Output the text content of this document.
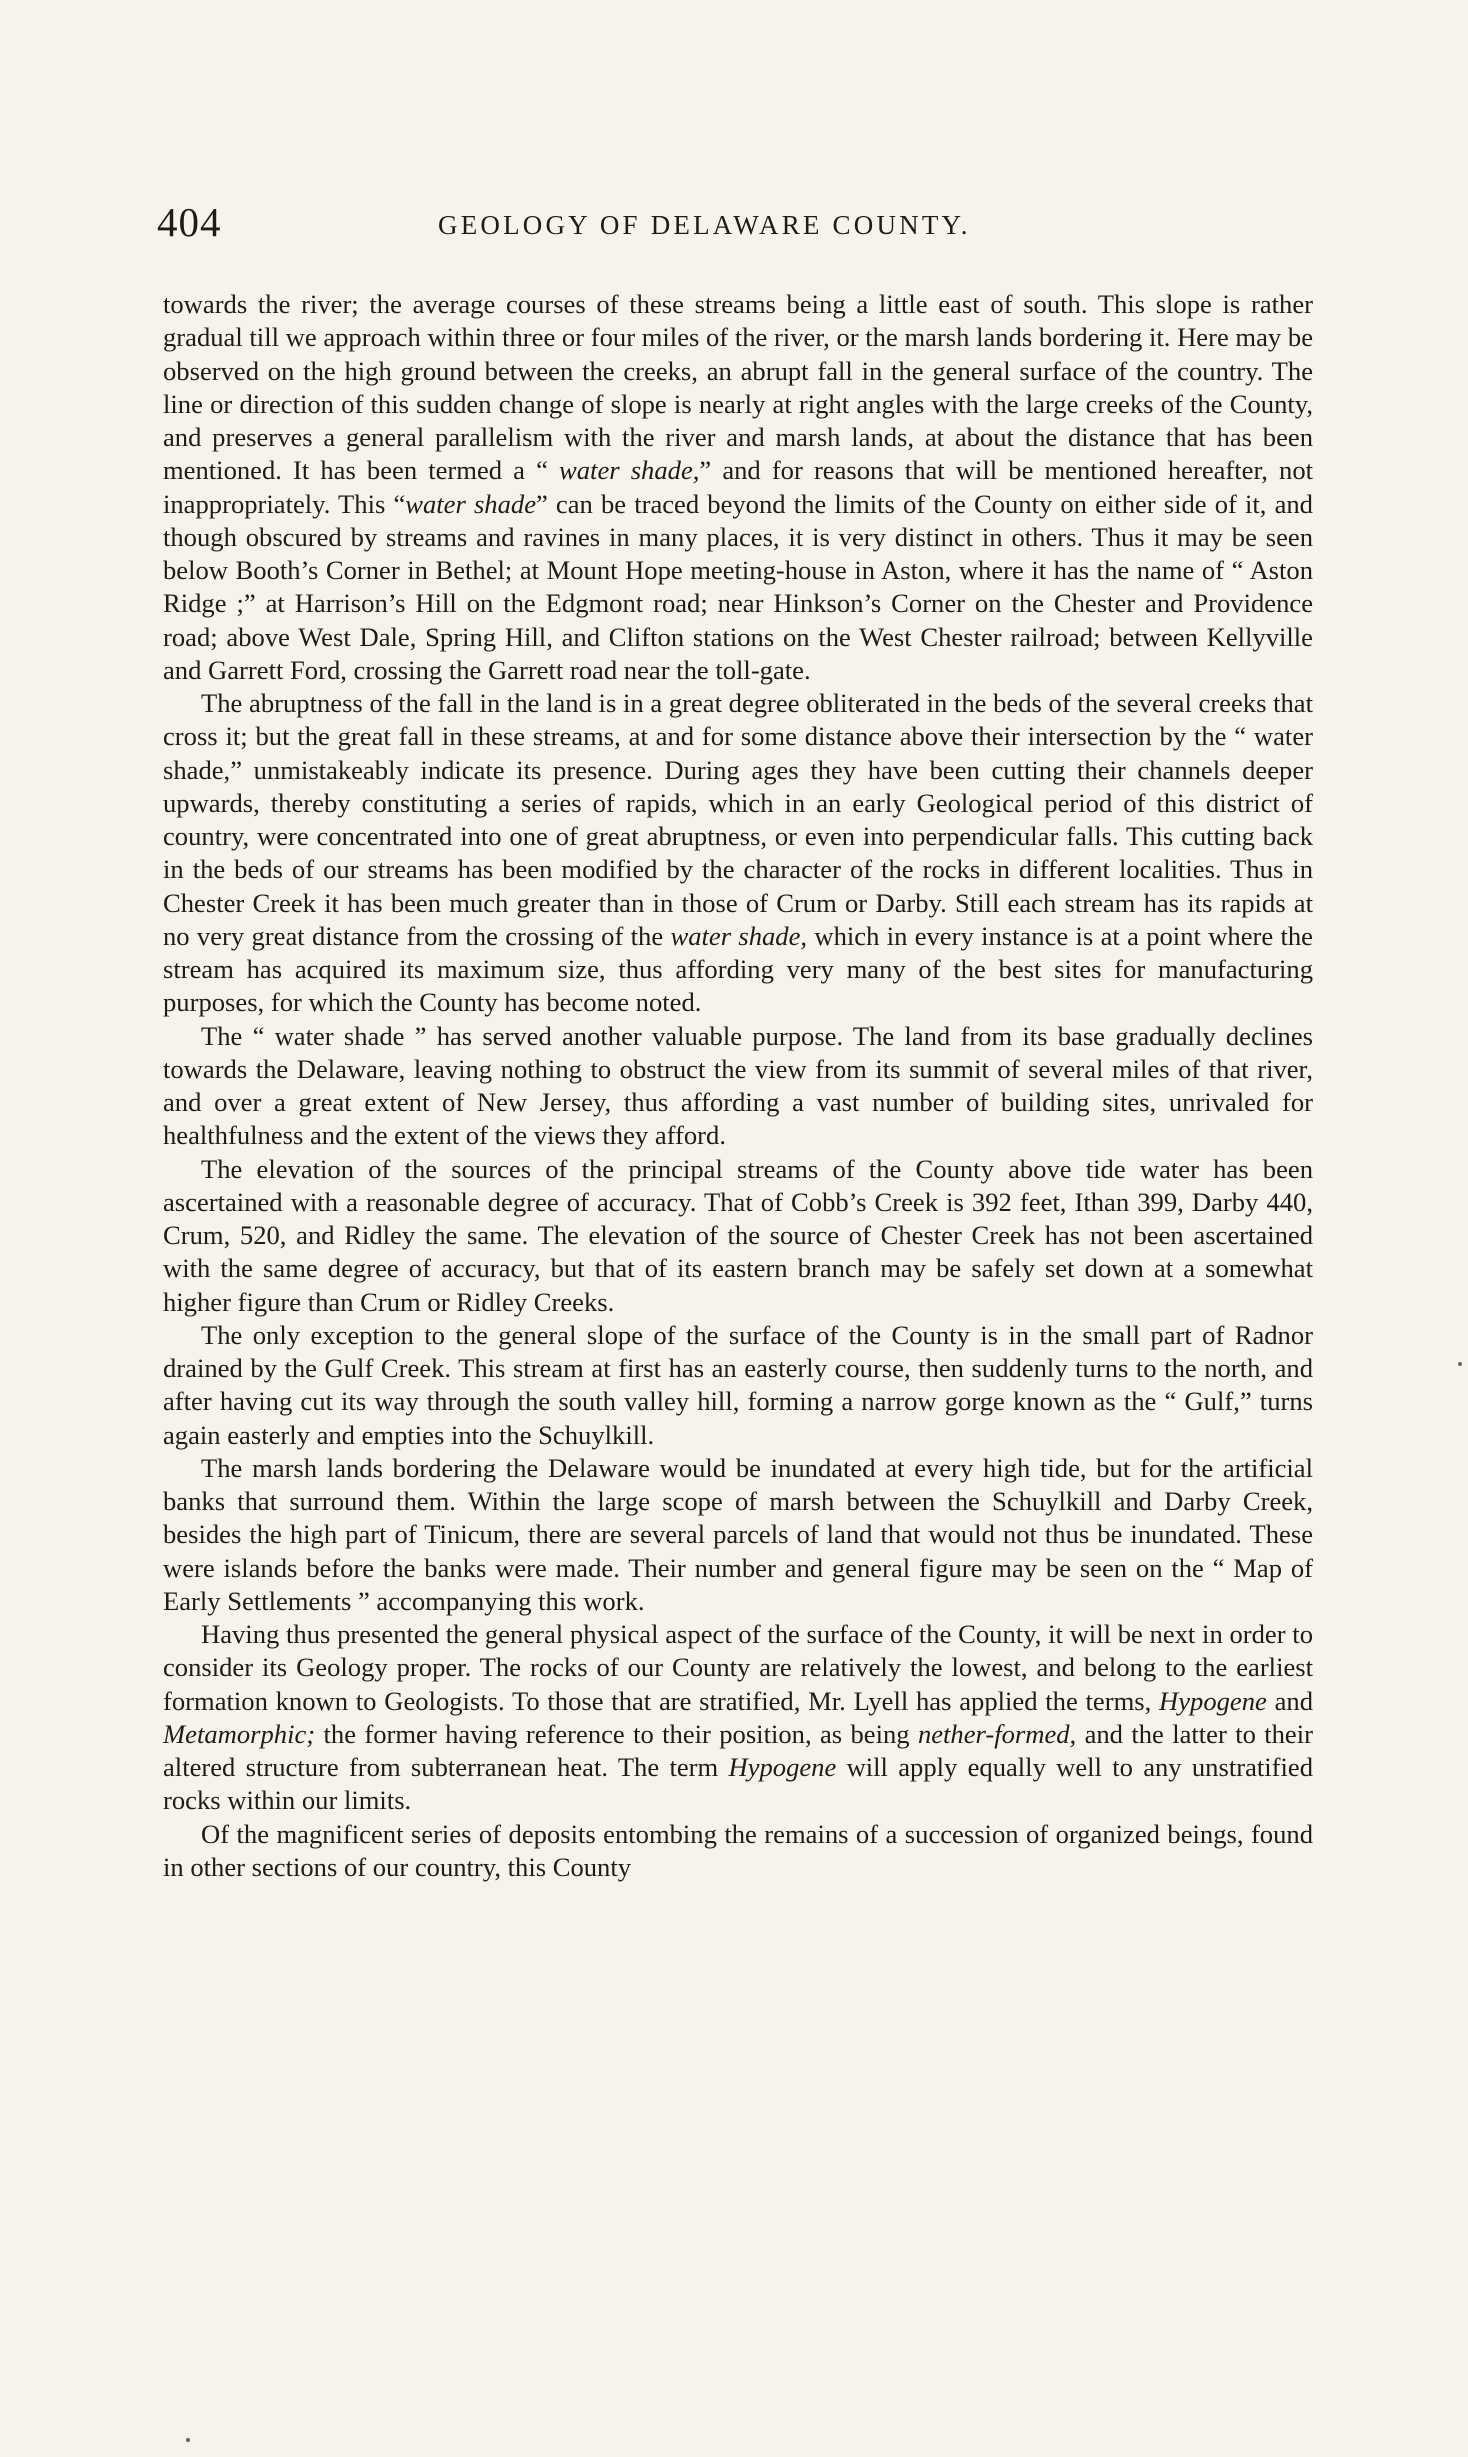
404	GEOLOGY OF DELAWARE COUNTY.

towards the river; the average courses of these streams being a little east of south. This slope is rather gradual till we approach within three or four miles of the river, or the marsh lands bordering it. Here may be observed on the high ground between the creeks, an abrupt fall in the general surface of the country. The line or direction of this sudden change of slope is nearly at right angles with the large creeks of the County, and preserves a general parallelism with the river and marsh lands, at about the distance that has been mentioned. It has been termed a “ water shade,” and for reasons that will be mentioned hereafter, not inappropriately. This “water shade” can be traced beyond the limits of the County on either side of it, and though obscured by streams and ravines in many places, it is very distinct in others. Thus it may be seen below Booth’s Corner in Bethel; at Mount Hope meeting-house in Aston, where it has the name of “ Aston Ridge ;” at Harrison’s Hill on the Edgmont road; near Hinkson’s Corner on the Chester and Providence road; above West Dale, Spring Hill, and Clifton stations on the West Chester railroad; between Kellyville and Garrett Ford, crossing the Garrett road near the toll-gate.

The abruptness of the fall in the land is in a great degree obliterated in the beds of the several creeks that cross it; but the great fall in these streams, at and for some distance above their intersection by the “ water shade,” unmistakeably indicate its presence. During ages they have been cutting their channels deeper upwards, thereby constituting a series of rapids, which in an early Geological period of this district of country, were concentrated into one of great abruptness, or even into perpendicular falls. This cutting back in the beds of our streams has been modified by the character of the rocks in different localities. Thus in Chester Creek it has been much greater than in those of Crum or Darby. Still each stream has its rapids at no very great distance from the crossing of the water shade, which in every instance is at a point where the stream has acquired its maximum size, thus affording very many of the best sites for manufacturing purposes, for which the County has become noted.

The “ water shade ” has served another valuable purpose. The land from its base gradually declines towards the Delaware, leaving nothing to obstruct the view from its summit of several miles of that river, and over a great extent of New Jersey, thus affording a vast number of building sites, unrivaled for healthfulness and the extent of the views they afford.

The elevation of the sources of the principal streams of the County above tide water has been ascertained with a reasonable degree of accuracy. That of Cobb’s Creek is 392 feet, Ithan 399, Darby 440, Crum, 520, and Ridley the same. The elevation of the source of Chester Creek has not been ascertained with the same degree of accuracy, but that of its eastern branch may be safely set down at a somewhat higher figure than Crum or Ridley Creeks.

The only exception to the general slope of the surface of the County is in the small part of Radnor drained by the Gulf Creek. This stream at first has an easterly course, then suddenly turns to the north, and after having cut its way through the south valley hill, forming a narrow gorge known as the “ Gulf,” turns again easterly and empties into the Schuylkill.

The marsh lands bordering the Delaware would be inundated at every high tide, but for the artificial banks that surround them. Within the large scope of marsh between the Schuylkill and Darby Creek, besides the high part of Tinicum, there are several parcels of land that would not thus be inundated. These were islands before the banks were made. Their number and general figure may be seen on the “ Map of Early Settlements ” accompanying this work.

Having thus presented the general physical aspect of the surface of the County, it will be next in order to consider its Geology proper. The rocks of our County are relatively the lowest, and belong to the earliest formation known to Geologists. To those that are stratified, Mr. Lyell has applied the terms, Hypogene and Metamorphic; the former having reference to their position, as being nether-formed, and the latter to their altered structure from subterranean heat. The term Hypogene will apply equally well to any unstratified rocks within our limits.

Of the magnificent series of deposits entombing the remains of a succession of organized beings, found in other sections of our country, this County
